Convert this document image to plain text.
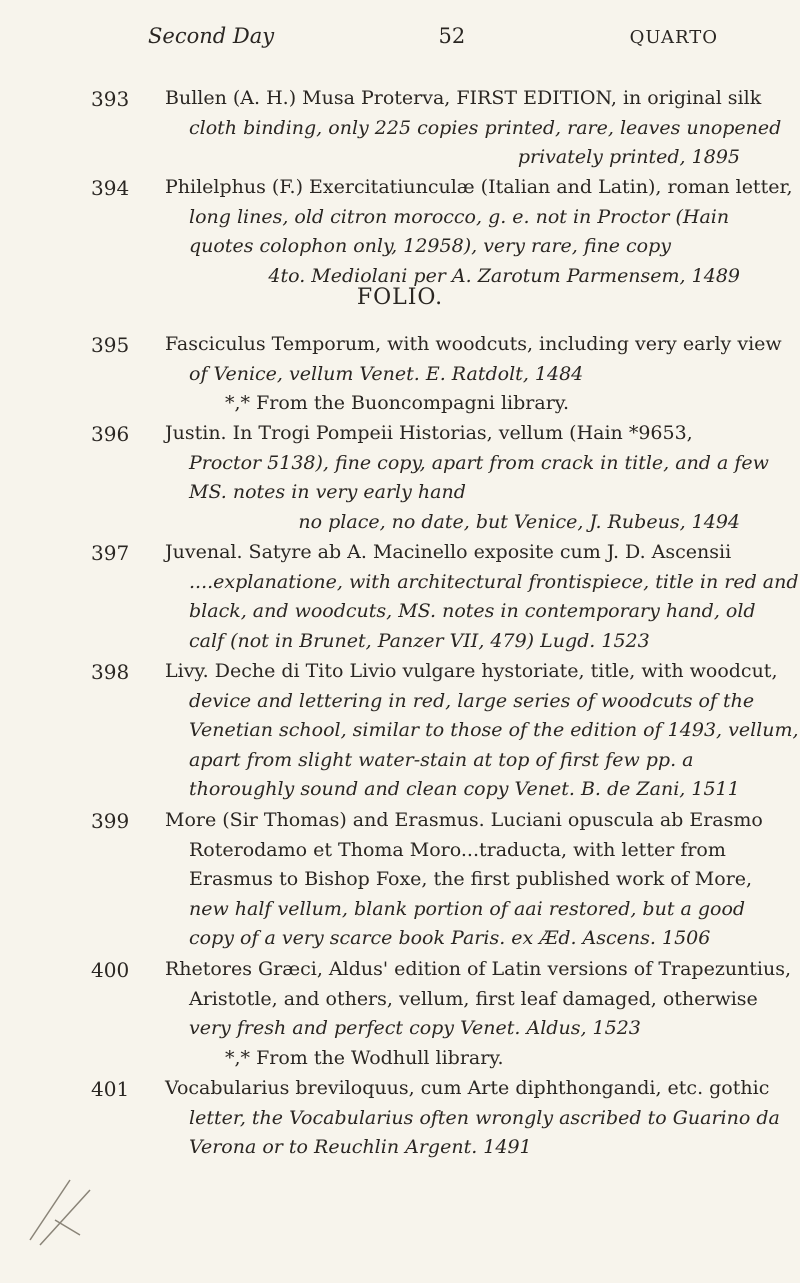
Second Day	52	QUARTO
393	Bullen (A. H.) Musa Proterva, FIRST EDITION, in original silk
cloth binding, only 225 copies printed, rare, leaves unopened
privately printed, 1895
394	Philelphus (F.) Exercitatiunculæ (Italian and Latin), roman letter,
long lines, old citron morocco, g. e. not in Proctor (Hain
quotes colophon only, 12958), very rare, fine copy
4to. Mediolani per A. Zarotum Parmensem, 1489
FOLIO.
395	Fasciculus Temporum, with woodcuts, including very early view
of Venice, vellum Venet. E. Ratdolt, 1484
*,* From the Buoncompagni library.
396	Justin. In Trogi Pompeii Historias, vellum (Hain *9653,
Proctor 5138), fine copy, apart from crack in title, and a few
MS. notes in very early hand
no place, no date, but Venice, J. Rubeus, 1494
397	Juvenal. Satyre ab A. Macinello exposite cum J. D. Ascensii
....explanatione, with architectural frontispiece, title in red and
black, and woodcuts, MS. notes in contemporary hand, old
calf (not in Brunet, Panzer VII, 479) Lugd. 1523
398	Livy. Deche di Tito Livio vulgare hystoriate, title, with woodcut,
device and lettering in red, large series of woodcuts of the
Venetian school, similar to those of the edition of 1493, vellum,
apart from slight water-stain at top of first few pp. a
thoroughly sound and clean copy Venet. B. de Zani, 1511
399	More (Sir Thomas) and Erasmus. Luciani opuscula ab Erasmo
Roterodamo et Thoma Moro...traducta, with letter from
Erasmus to Bishop Foxe, the first published work of More,
new half vellum, blank portion of aai restored, but a good
copy of a very scarce book Paris. ex Æd. Ascens. 1506
400	Rhetores Græci, Aldus' edition of Latin versions of Trapezuntius,
Aristotle, and others, vellum, first leaf damaged, otherwise
very fresh and perfect copy Venet. Aldus, 1523
*,* From the Wodhull library.
401	Vocabularius breviloquus, cum Arte diphthongandi, etc. gothic
letter, the Vocabularius often wrongly ascribed to Guarino da
Verona or to Reuchlin Argent. 1491
